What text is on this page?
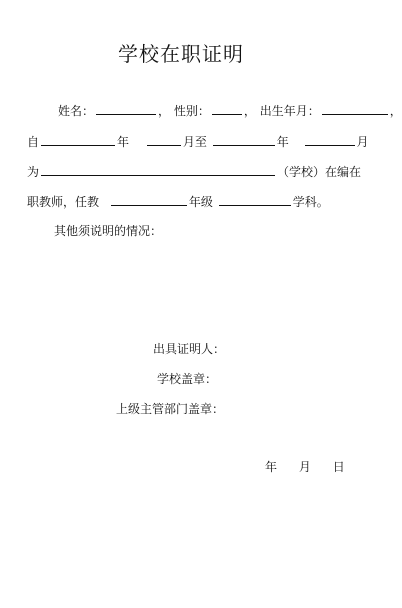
学校在职证明
姓名：	， 性别：	， 出生年月：	，
自	年	月至	年	月
为	（学校）在编在
职教师，任教	年级	学科。
其他须说明的情况：
出具证明人：
学校盖章：
上级主管部门盖章：
年 月 日
